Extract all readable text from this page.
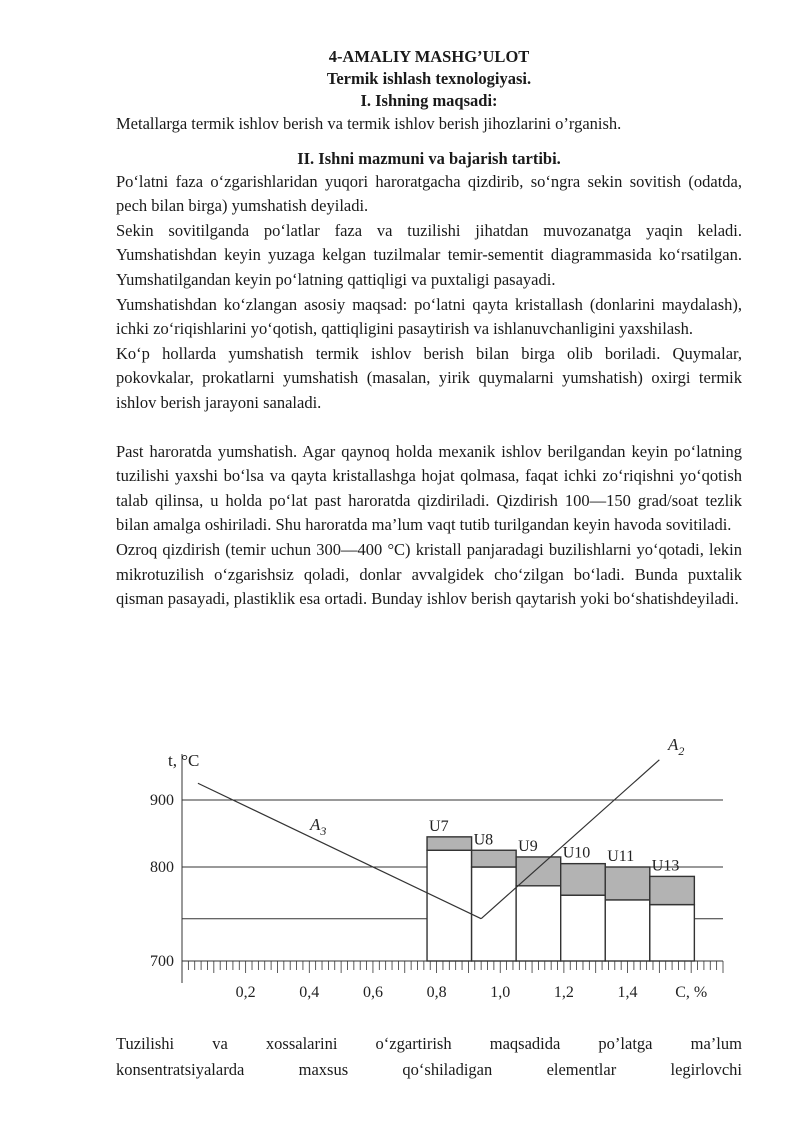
4-AMALIY MASHG’ULOT

Termik ishlash texnologiyasi.

I. Ishning maqsadi:

Metallarga termik ishlov berish va termik ishlov berish jihozlarini o’rganish.

II. Ishni mazmuni va bajarish tartibi.

Po‘latni faza o‘zgarishlaridan yuqori haroratgacha qizdirib, so‘ngra sekin sovitish (odatda, pech bilan birga) yumshatish deyiladi.

Sekin sovitilganda po‘latlar faza va tuzilishi jihatdan muvozanatga yaqin keladi. Yumshatishdan keyin yuzaga kelgan tuzilmalar temir-sementit diagrammasida ko‘rsatilgan. Yumshatilgandan keyin po‘latning qattiqligi va puxtaligi pasayadi.

Yumshatishdan ko‘zlangan asosiy maqsad: po‘latni qayta kristallash (donlarini maydalash), ichki zo‘riqishlarini yo‘qotish, qattiqligini pasaytirish va ishlanuvchanligini yaxshilash.

Ko‘p hollarda yumshatish termik ishlov berish bilan birga olib boriladi. Quymalar, pokovkalar, prokatlarni yumshatish (masalan, yirik quymalarni yumshatish) oxirgi termik ishlov berish jarayoni sanaladi.

Past haroratda yumshatish. Agar qaynoq holda mexanik ishlov berilgandan keyin po‘latning tuzilishi yaxshi bo‘lsa va qayta kristallashga hojat qolmasa, faqat ichki zo‘riqishni yo‘qotish talab qilinsa, u holda po‘lat past haroratda qizdiriladi. Qizdirish 100—150 grad/soat tezlik bilan amalga oshiriladi. Shu haroratda ma’lum vaqt tutib turilgandan keyin havoda sovitiladi.

Ozroq qizdirish (temir uchun 300—400 °C) kristall panjaradagi buzilishlarni yo‘qotadi, lekin mikrotuzilish o‘zgarishsiz qoladi, donlar avvalgidek cho‘zilgan bo‘ladi. Bunda puxtalik qisman pasayadi, plastiklik esa ortadi. Bunday ishlov berish qaytarish yoki bo‘shatishdeyiladi.

U7
U8 U9 U10 U11
U13
900
800
700
0,2	0,4	0,6	0,8	1,0	1,2	1,4
t, °C
C, %
$A_3$
$A_2$

Tuzilishi va xossalarini o‘zgartirish maqsadida po’latga ma’lum

konsentratsiyalarda	maxsus	qo‘shiladigan	elementlar	legirlovchi
